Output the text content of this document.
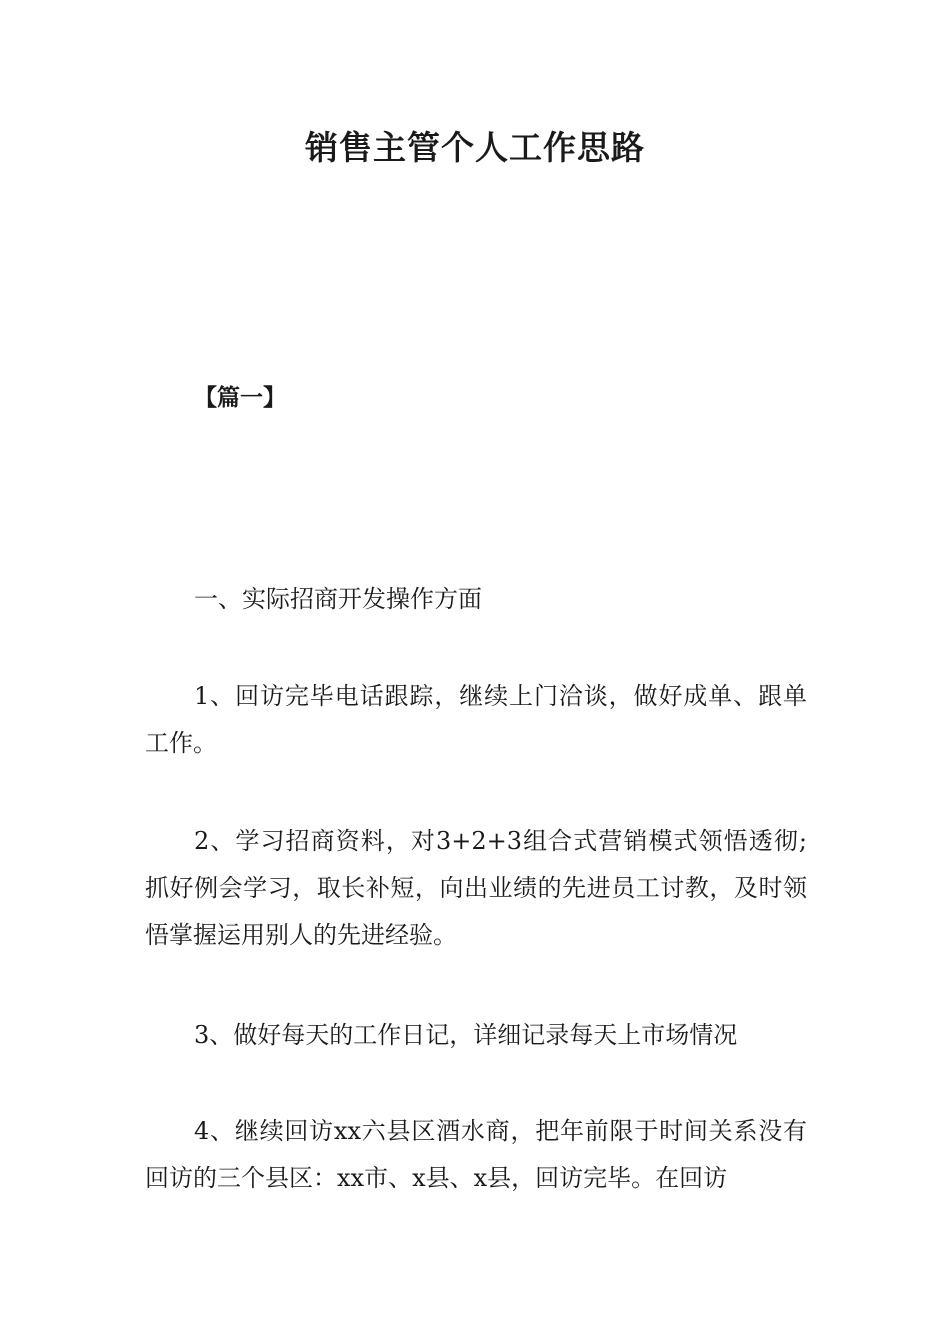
销售主管个人工作思路
【篇一】

一、实际招商开发操作方面

1、回访完毕电话跟踪，继续上门洽谈，做好成单、跟单工作。

2、学习招商资料，对3+2+3组合式营销模式领悟透彻;抓好例会学习，取长补短，向出业绩的先进员工讨教，及时领悟掌握运用别人的先进经验。

3、做好每天的工作日记，详细记录每天上市场情况

4、继续回访xx六县区酒水商，把年前限于时间关系没有回访的三个县区：xx市、x县、x县，回访完毕。在回访
